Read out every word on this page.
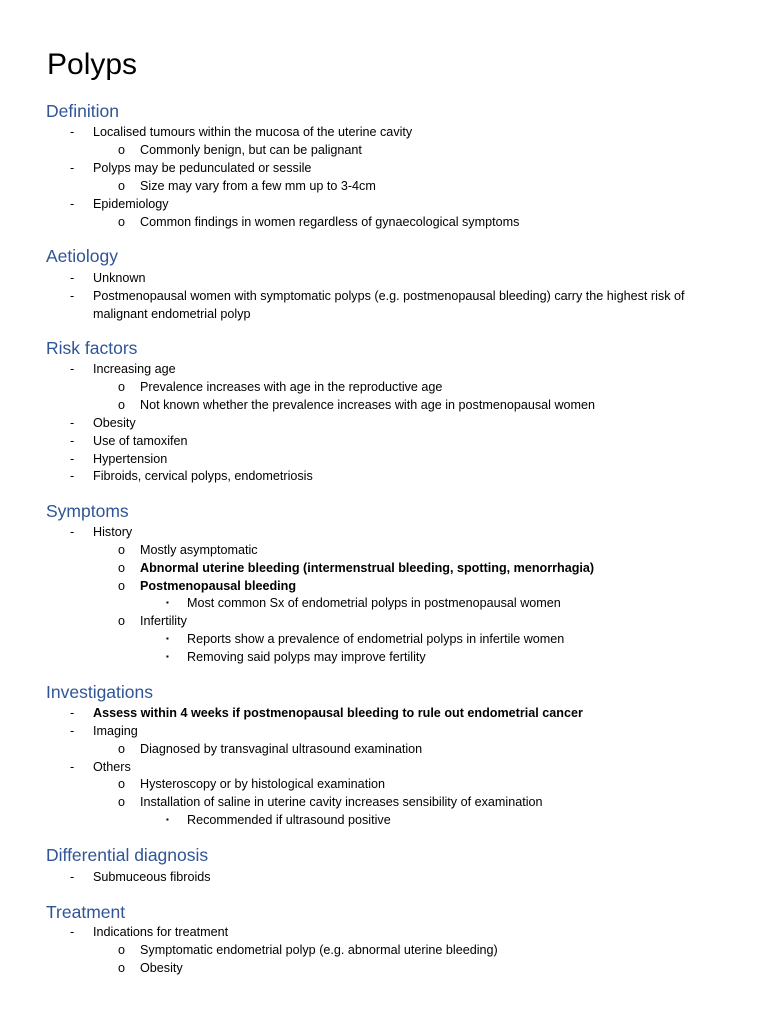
Polyps
Definition
- Localised tumours within the mucosa of the uterine cavity
o Commonly benign, but can be palignant
- Polyps may be pedunculated or sessile
o Size may vary from a few mm up to 3-4cm
- Epidemiology
o Common findings in women regardless of gynaecological symptoms
Aetiology
- Unknown
- Postmenopausal women with symptomatic polyps (e.g. postmenopausal bleeding) carry the highest risk of malignant endometrial polyp
Risk factors
- Increasing age
o Prevalence increases with age in the reproductive age
o Not known whether the prevalence increases with age in postmenopausal women
- Obesity
- Use of tamoxifen
- Hypertension
- Fibroids, cervical polyps, endometriosis
Symptoms
- History
o Mostly asymptomatic
o Abnormal uterine bleeding (intermenstrual bleeding, spotting, menorrhagia)
o Postmenopausal bleeding
▪ Most common Sx of endometrial polyps in postmenopausal women
o Infertility
▪ Reports show a prevalence of endometrial polyps in infertile women
▪ Removing said polyps may improve fertility
Investigations
- Assess within 4 weeks if postmenopausal bleeding to rule out endometrial cancer
- Imaging
o Diagnosed by transvaginal ultrasound examination
- Others
o Hysteroscopy or by histological examination
o Installation of saline in uterine cavity increases sensibility of examination
▪ Recommended if ultrasound positive
Differential diagnosis
- Submuceous fibroids
Treatment
- Indications for treatment
o Symptomatic endometrial polyp (e.g. abnormal uterine bleeding)
o Obesity
